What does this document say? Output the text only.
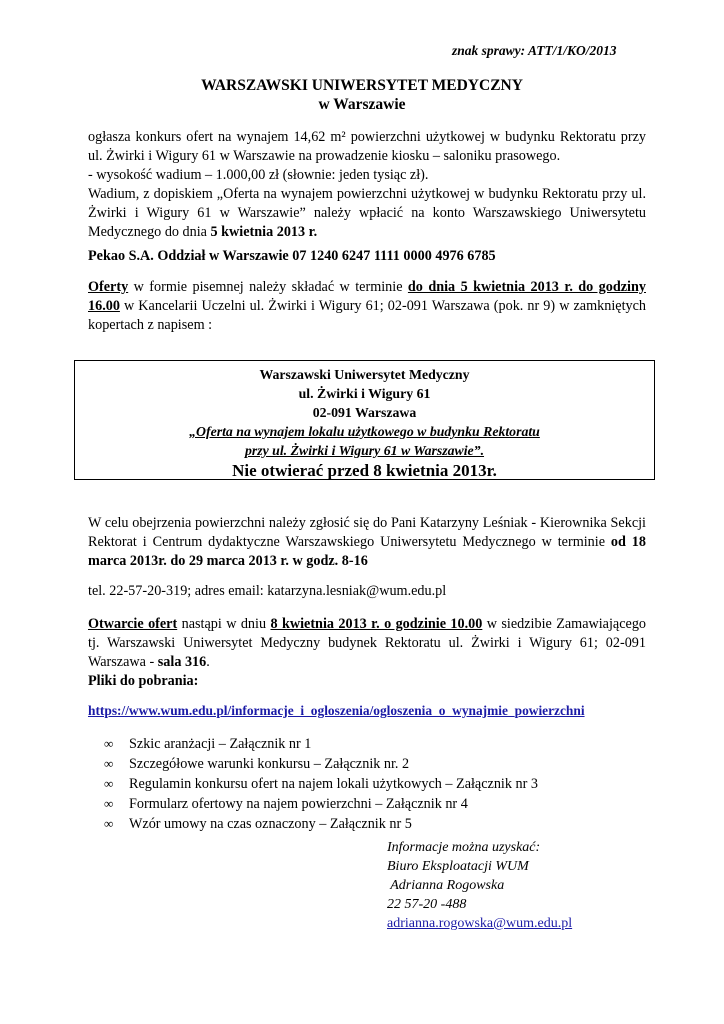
znak sprawy: ATT/1/KO/2013
WARSZAWSKI UNIWERSYTET MEDYCZNY
w Warszawie

ogłasza konkurs ofert na wynajem 14,62 m² powierzchni użytkowej w budynku Rektoratu przy ul. Żwirki i Wigury 61 w Warszawie na prowadzenie kiosku – saloniku prasowego.

- wysokość wadium – 1.000,00 zł (słownie: jeden tysiąc zł).

Wadium, z dopiskiem „Oferta na wynajem powierzchni użytkowej w budynku Rektoratu przy ul. Żwirki i Wigury 61 w Warszawie” należy wpłacić na konto Warszawskiego Uniwersytetu Medycznego do dnia 5 kwietnia 2013 r.

Pekao S.A. Oddział w Warszawie 07 1240 6247 1111 0000 4976 6785
Oferty w formie pisemnej należy składać w terminie do dnia 5 kwietnia 2013 r. do godziny 16.00 w Kancelarii Uczelni ul. Żwirki i Wigury 61; 02-091 Warszawa (pok. nr 9) w zamkniętych kopertach z napisem :
Warszawski Uniwersytet Medyczny
ul. Żwirki i Wigury 61
02-091 Warszawa
„Oferta na wynajem lokalu użytkowego w budynku Rektoratu
przy ul. Żwirki i Wigury 61 w Warszawie”.
Nie otwierać przed 8 kwietnia 2013r.
W celu obejrzenia powierzchni należy zgłosić się do Pani Katarzyny Leśniak - Kierownika Sekcji Rektorat i Centrum dydaktyczne Warszawskiego Uniwersytetu Medycznego w terminie od 18 marca 2013r. do 29 marca 2013 r. w godz. 8-16
tel. 22-57-20-319; adres email: katarzyna.lesniak@wum.edu.pl
Otwarcie ofert nastąpi w dniu 8 kwietnia 2013 r. o godzinie 10.00 w siedzibie Zamawiającego tj. Warszawski Uniwersytet Medyczny budynek Rektoratu ul. Żwirki i Wigury 61; 02-091 Warszawa - sala 316.
Pliki do pobrania:
https://www.wum.edu.pl/informacje_i_ogloszenia/ogloszenia_o_wynajmie_powierzchni
∞ Szkic aranżacji – Załącznik nr 1
∞ Szczegółowe warunki konkursu – Załącznik nr. 2
∞ Regulamin konkursu ofert na najem lokali użytkowych – Załącznik nr 3
∞ Formularz ofertowy na najem powierzchni – Załącznik nr 4
∞ Wzór umowy na czas oznaczony – Załącznik nr 5
Informacje można uzyskać:
Biuro Eksploatacji WUM
Adrianna Rogowska
22 57-20 -488
adrianna.rogowska@wum.edu.pl
